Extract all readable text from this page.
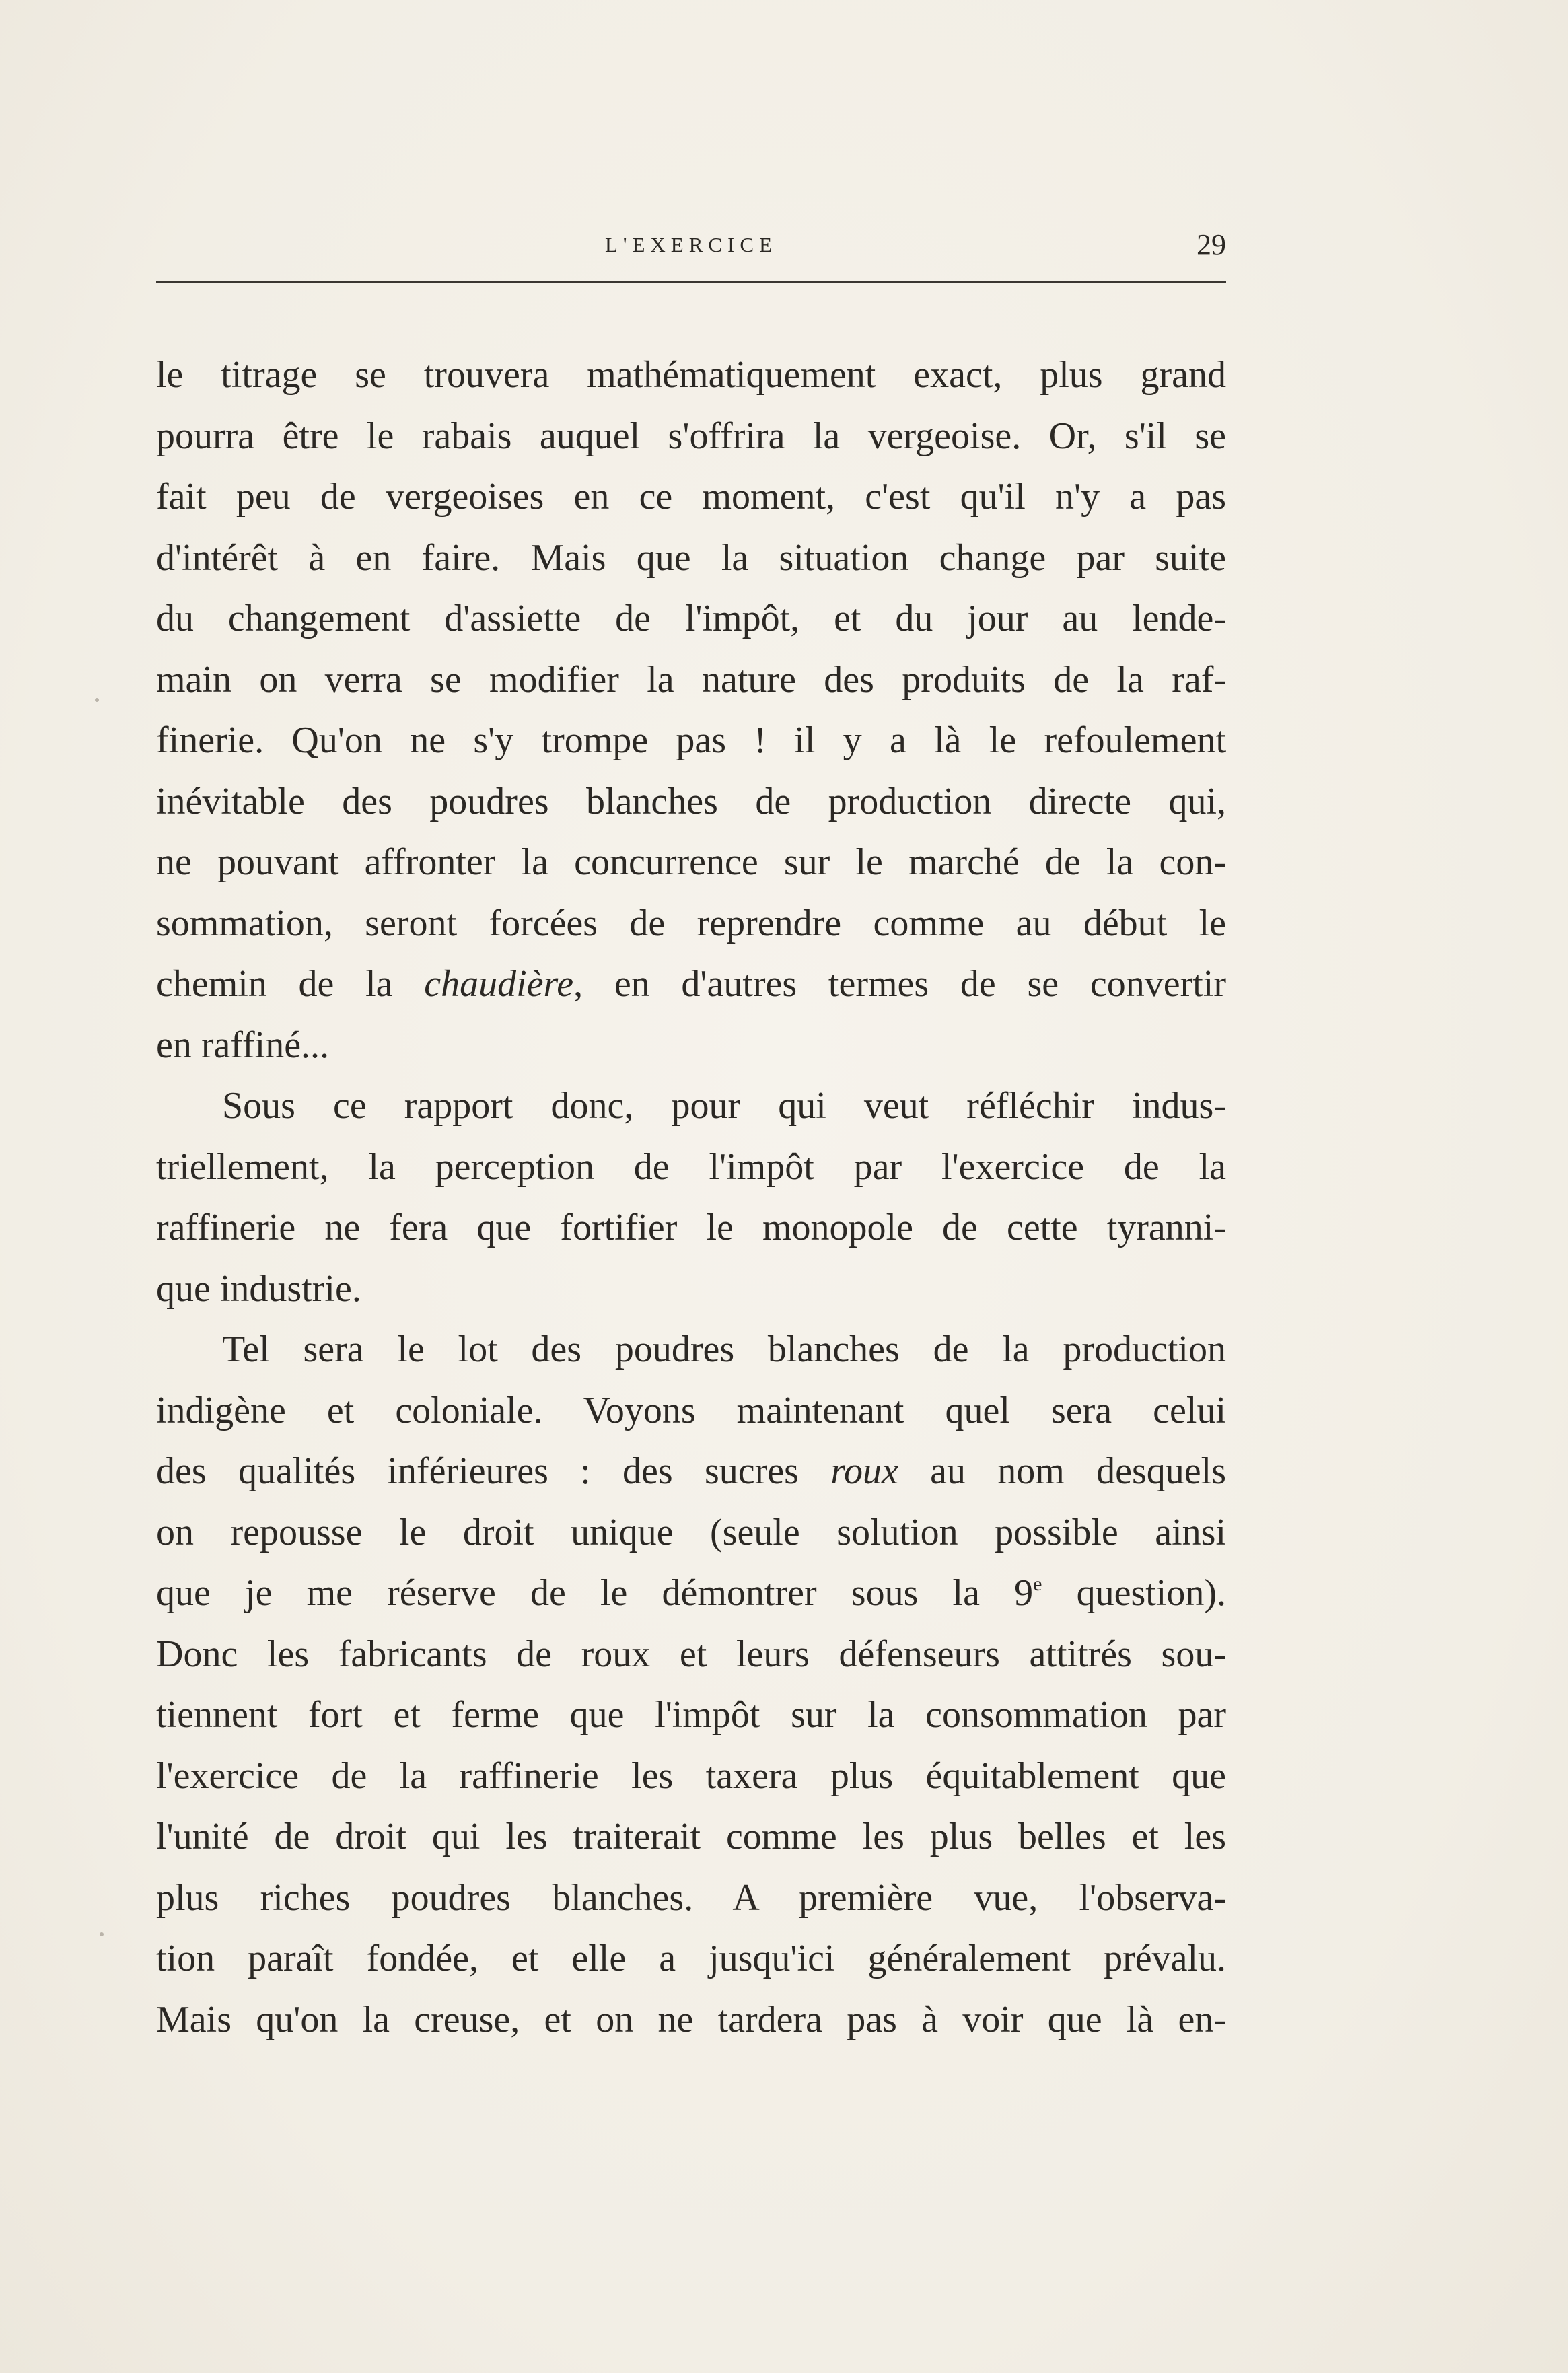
L'EXERCICE	29
le titrage se trouvera mathématiquement exact, plus grand
pourra être le rabais auquel s'offrira la vergeoise. Or, s'il se
fait peu de vergeoises en ce moment, c'est qu'il n'y a pas
d'intérêt à en faire. Mais que la situation change par suite
du changement d'assiette de l'impôt, et du jour au lende-
main on verra se modifier la nature des produits de la raf-
finerie. Qu'on ne s'y trompe pas ! il y a là le refoulement
inévitable des poudres blanches de production directe qui,
ne pouvant affronter la concurrence sur le marché de la con-
sommation, seront forcées de reprendre comme au début le
chemin de la chaudière, en d'autres termes de se convertir
en raffiné...
Sous ce rapport donc, pour qui veut réfléchir indus-
triellement, la perception de l'impôt par l'exercice de la
raffinerie ne fera que fortifier le monopole de cette tyranni-
que industrie.
Tel sera le lot des poudres blanches de la production
indigène et coloniale. Voyons maintenant quel sera celui
des qualités inférieures : des sucres roux au nom desquels
on repousse le droit unique (seule solution possible ainsi
que je me réserve de le démontrer sous la 9e question).
Donc les fabricants de roux et leurs défenseurs attitrés sou-
tiennent fort et ferme que l'impôt sur la consommation par
l'exercice de la raffinerie les taxera plus équitablement que
l'unité de droit qui les traiterait comme les plus belles et les
plus riches poudres blanches. A première vue, l'observa-
tion paraît fondée, et elle a jusqu'ici généralement prévalu.
Mais qu'on la creuse, et on ne tardera pas à voir que là en-
